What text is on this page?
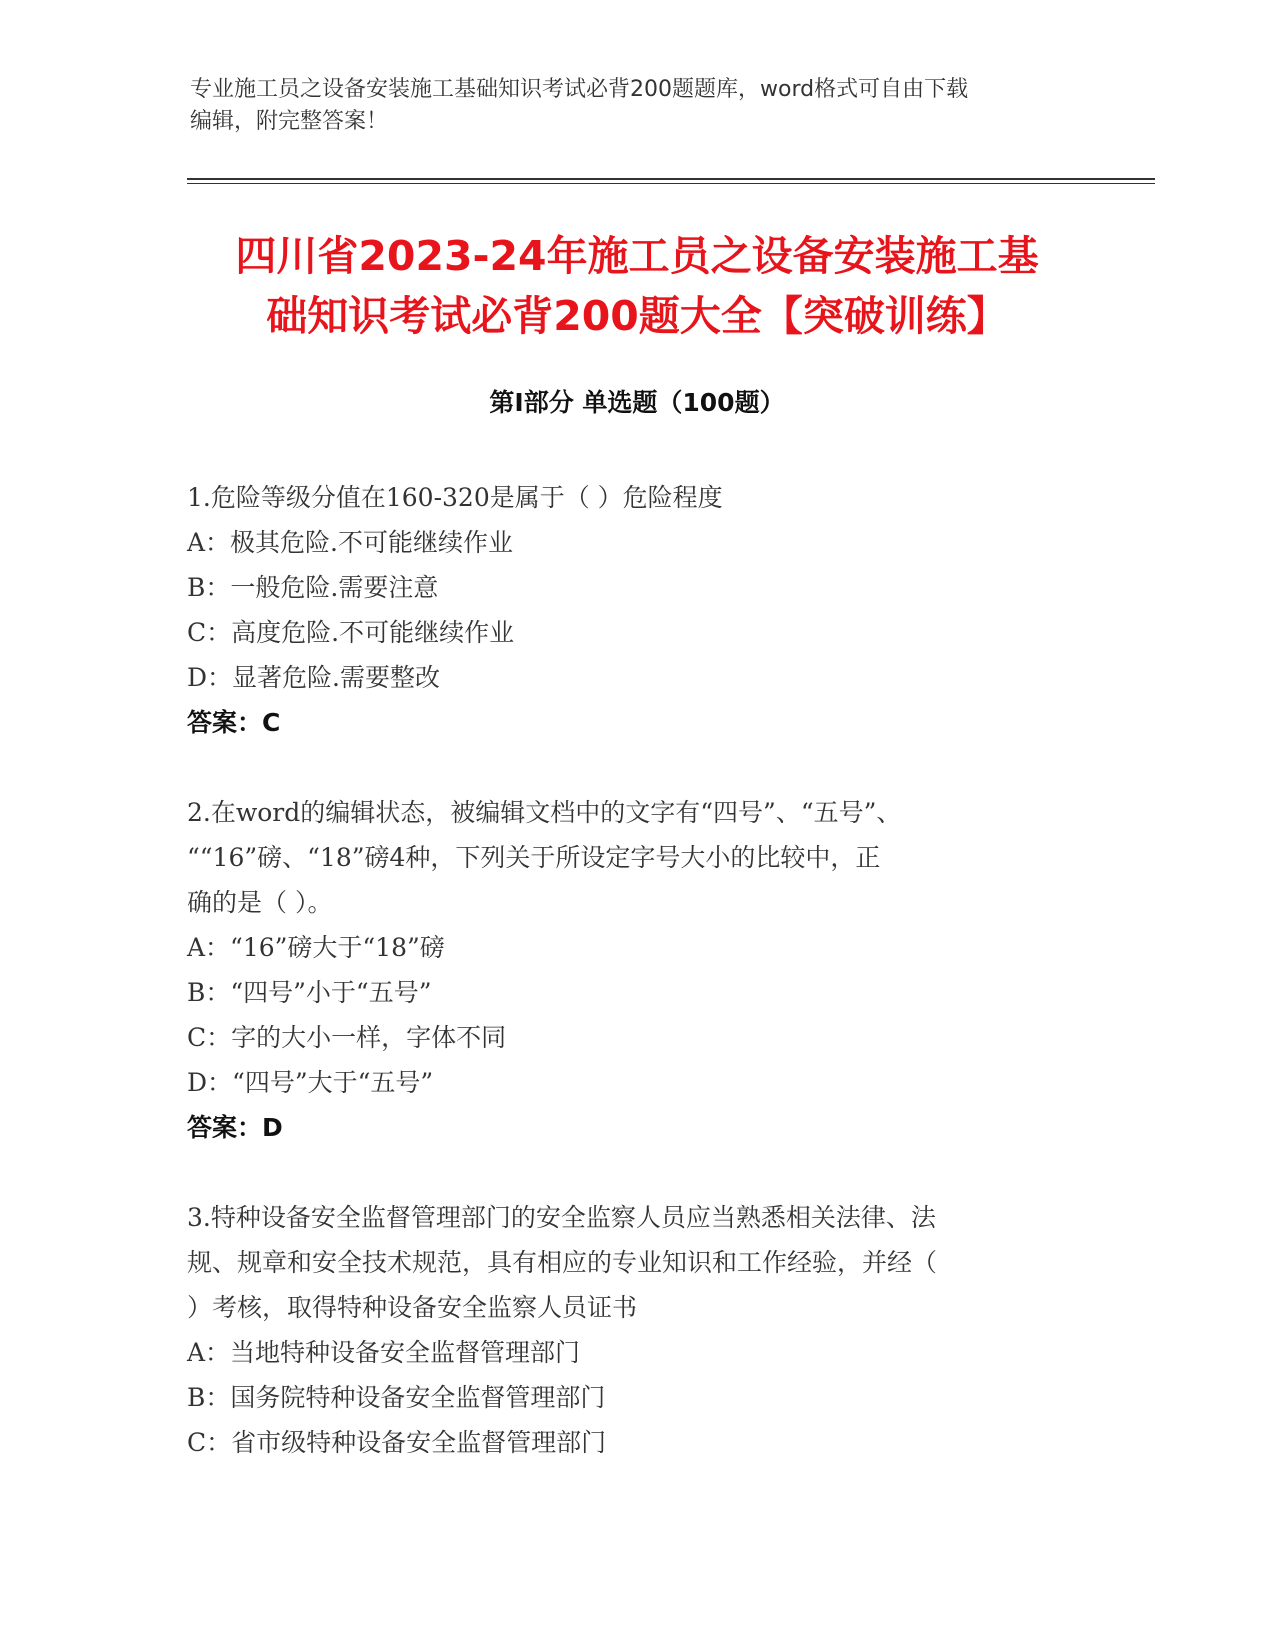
专业施工员之设备安装施工基础知识考试必背200题题库，word格式可自由下载
编辑，附完整答案！
四川省2023-24年施工员之设备安装施工基
础知识考试必背200题大全【突破训练】
第Ⅰ部分 单选题（100题）
1.危险等级分值在160-320是属于（ ）危险程度
A：极其危险.不可能继续作业
B：一般危险.需要注意
C：高度危险.不可能继续作业
D：显著危险.需要整改
答案：C
2.在word的编辑状态，被编辑文档中的文字有“四号”、“五号”、
““16”磅、“18”磅4种，下列关于所设定字号大小的比较中，正
确的是（ ）。
A：“16”磅大于“18”磅
B：“四号”小于“五号”
C：字的大小一样，字体不同
D：“四号”大于“五号”
答案：D
3.特种设备安全监督管理部门的安全监察人员应当熟悉相关法律、法
规、规章和安全技术规范，具有相应的专业知识和工作经验，并经（
）考核，取得特种设备安全监察人员证书
A：当地特种设备安全监督管理部门
B：国务院特种设备安全监督管理部门
C：省市级特种设备安全监督管理部门
